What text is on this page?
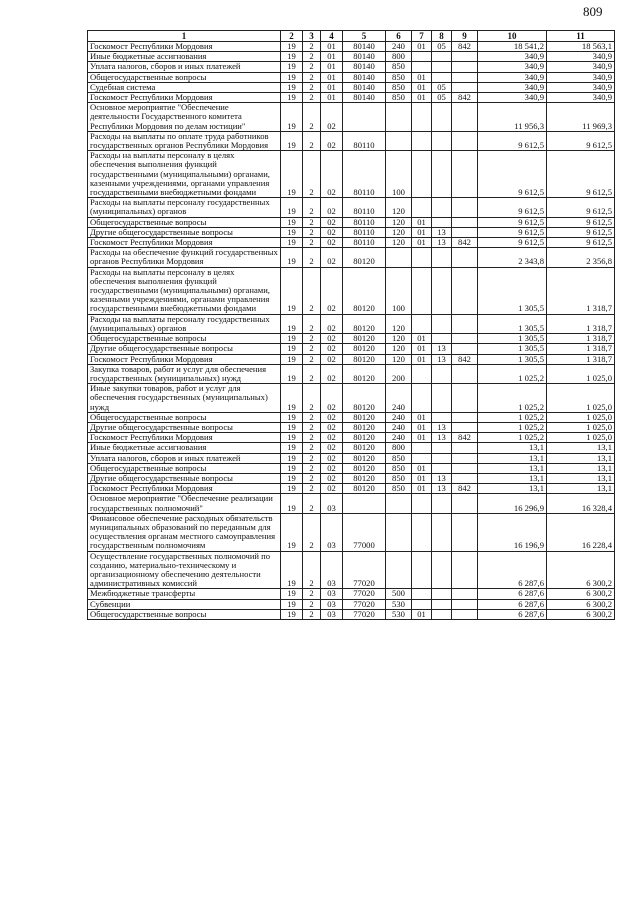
809
1	2	3	4	5	6	7	8	9	10	11
Госкомост Республики Мордовия	19	2	01	80140	240	01	05	842	18 541,2	18 563,1
Иные бюджетные ассигнования	19	2	01	80140	800				340,9	340,9
Уплата налогов, сборов и иных платежей	19	2	01	80140	850				340,9	340,9
Общегосударственные вопросы	19	2	01	80140	850	01			340,9	340,9
Судебная система	19	2	01	80140	850	01	05		340,9	340,9
Госкомост Республики Мордовия	19	2	01	80140	850	01	05	842	340,9	340,9
Основное мероприятие "Обеспечение деятельности Государственного комитета Республики Мордовия по делам юстиции"	19	2	02						11 956,3	11 969,3
Расходы на выплаты по оплате труда работников государственных органов Республики Мордовия	19	2	02	80110					9 612,5	9 612,5
Расходы на выплаты персоналу в целях обеспечения выполнения функций государственными (муниципальными) органами, казенными учреждениями, органами управления государственными внебюджетными фондами	19	2	02	80110	100				9 612,5	9 612,5
Расходы на выплаты персоналу государственных (муниципальных) органов	19	2	02	80110	120				9 612,5	9 612,5
Общегосударственные вопросы	19	2	02	80110	120	01			9 612,5	9 612,5
Другие общегосударственные вопросы	19	2	02	80110	120	01	13		9 612,5	9 612,5
Госкомост Республики Мордовия	19	2	02	80110	120	01	13	842	9 612,5	9 612,5
Расходы на обеспечение функций государственных органов Республики Мордовия	19	2	02	80120					2 343,8	2 356,8
Расходы на выплаты персоналу в целях обеспечения выполнения функций государственными (муниципальными) органами, казенными учреждениями, органами управления государственными внебюджетными фондами	19	2	02	80120	100				1 305,5	1 318,7
Расходы на выплаты персоналу государственных (муниципальных) органов	19	2	02	80120	120				1 305,5	1 318,7
Общегосударственные вопросы	19	2	02	80120	120	01			1 305,5	1 318,7
Другие общегосударственные вопросы	19	2	02	80120	120	01	13		1 305,5	1 318,7
Госкомост Республики Мордовия	19	2	02	80120	120	01	13	842	1 305,5	1 318,7
Закупка товаров, работ и услуг для обеспечения государственных (муниципальных) нужд	19	2	02	80120	200				1 025,2	1 025,0
Иные закупки товаров, работ и услуг для обеспечения государственных (муниципальных) нужд	19	2	02	80120	240				1 025,2	1 025,0
Общегосударственные вопросы	19	2	02	80120	240	01			1 025,2	1 025,0
Другие общегосударственные вопросы	19	2	02	80120	240	01	13		1 025,2	1 025,0
Госкомост Республики Мордовия	19	2	02	80120	240	01	13	842	1 025,2	1 025,0
Иные бюджетные ассигнования	19	2	02	80120	800				13,1	13,1
Уплата налогов, сборов и иных платежей	19	2	02	80120	850				13,1	13,1
Общегосударственные вопросы	19	2	02	80120	850	01			13,1	13,1
Другие общегосударственные вопросы	19	2	02	80120	850	01	13		13,1	13,1
Госкомост Республики Мордовия	19	2	02	80120	850	01	13	842	13,1	13,1
Основное мероприятие "Обеспечение реализации государственных полномочий"	19	2	03						16 296,9	16 328,4
Финансовое обеспечение расходных обязательств муниципальных образований по переданным для осуществления органам местного самоуправления государственным полномочиям	19	2	03	77000					16 196,9	16 228,4
Осуществление государственных полномочий по созданию, материально-техническому и организационному обеспечению деятельности административных комиссий	19	2	03	77020					6 287,6	6 300,2
Межбюджетные трансферты	19	2	03	77020	500				6 287,6	6 300,2
Субвенции	19	2	03	77020	530				6 287,6	6 300,2
Общегосударственные вопросы	19	2	03	77020	530	01			6 287,6	6 300,2
